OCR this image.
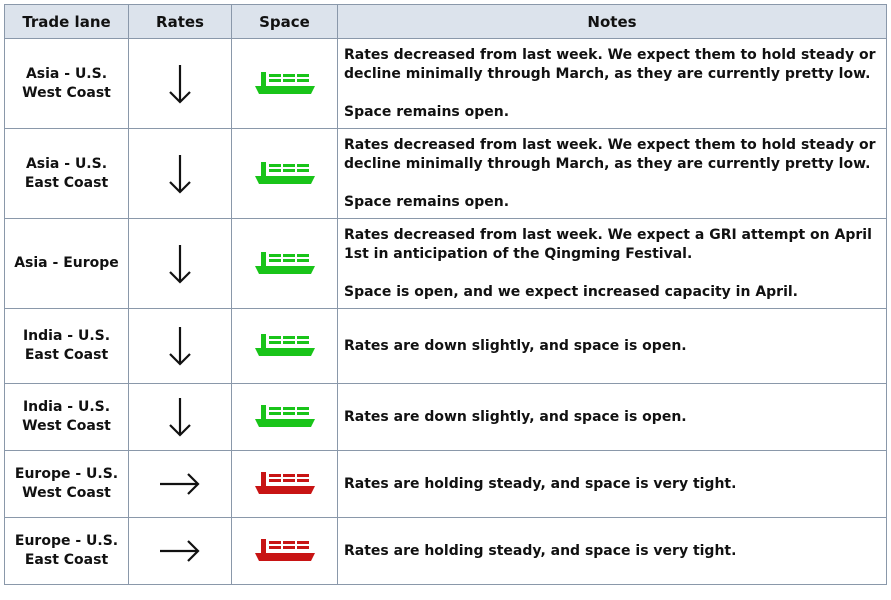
Trade lane	Rates	Space	Notes

Asia - U.S.
West Coast			Rates decreased from last week. We expect them to hold steady or decline minimally through March, as they are currently pretty low.
Space remains open.

Asia - U.S.
East Coast			Rates decreased from last week. We expect them to hold steady or decline minimally through March, as they are currently pretty low.
Space remains open.

Asia - Europe			Rates decreased from last week. We expect a GRI attempt on April 1st in anticipation of the Qingming Festival.
Space is open, and we expect increased capacity in April.

India - U.S.
East Coast			Rates are down slightly, and space is open.

India - U.S.
West Coast			Rates are down slightly, and space is open.

Europe - U.S.
West Coast			Rates are holding steady, and space is very tight.

Europe - U.S.
East Coast			Rates are holding steady, and space is very tight.
